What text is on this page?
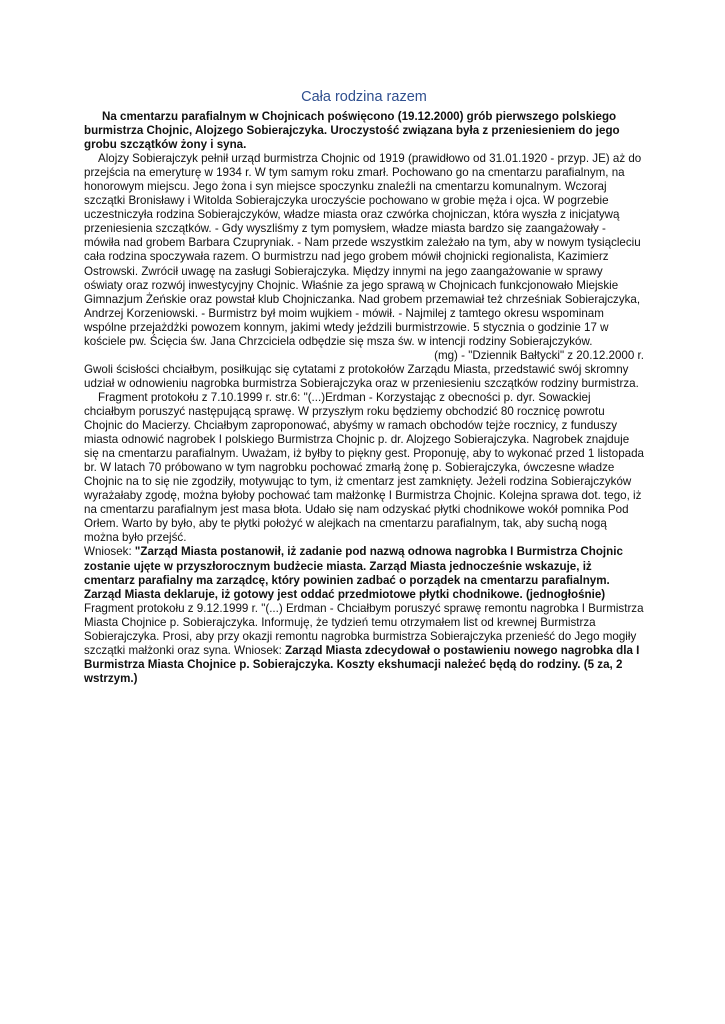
Cała rodzina razem

Na cmentarzu parafialnym w Chojnicach poświęcono (19.12.2000) grób pierwszego polskiego burmistrza Chojnic, Alojzego Sobierajczyka. Uroczystość związana była z przeniesieniem do jego grobu szczątków żony i syna.

Alojzy Sobierajczyk pełnił urząd burmistrza Chojnic od 1919 (prawidłowo od 31.01.1920 - przyp. JE) aż do przejścia na emeryturę w 1934 r. W tym samym roku zmarł. Pochowano go na cmentarzu parafialnym, na honorowym miejscu. Jego żona i syn miejsce spoczynku znaleźli na cmentarzu komunalnym. Wczoraj szczątki Bronisławy i Witolda Sobierajczyka uroczyście pochowano w grobie męża i ojca. W pogrzebie uczestniczyła rodzina Sobierajczyków, władze miasta oraz czwórka chojniczan, która wyszła z inicjatywą przeniesienia szczątków. - Gdy wyszliśmy z tym pomysłem, władze miasta bardzo się zaangażowały - mówiła nad grobem Barbara Czupryniak. - Nam przede wszystkim zależało na tym, aby w nowym tysiącleciu cała rodzina spoczywała razem. O burmistrzu nad jego grobem mówił chojnicki regionalista, Kazimierz Ostrowski. Zwrócił uwagę na zasługi Sobierajczyka. Między innymi na jego zaangażowanie w sprawy oświaty oraz rozwój inwestycyjny Chojnic. Właśnie za jego sprawą w Chojnicach funkcjonowało Miejskie Gimnazjum Żeńskie oraz powstał klub Chojniczanka. Nad grobem przemawiał też chrześniak Sobierajczyka, Andrzej Korzeniowski. - Burmistrz był moim wujkiem - mówił. - Najmilej z tamtego okresu wspominam wspólne przejażdżki powozem konnym, jakimi wtedy jeździli burmistrzowie. 5 stycznia o godzinie 17 w kościele pw. Ścięcia św. Jana Chrzciciela odbędzie się msza św. w intencji rodziny Sobierajczyków.

(mg) - "Dziennik Bałtycki" z 20.12.2000 r.

Gwoli ścisłości chciałbym, posiłkując się cytatami z protokołów Zarządu Miasta, przedstawić swój skromny udział w odnowieniu nagrobka burmistrza Sobierajczyka oraz w przeniesieniu szczątków rodziny burmistrza.

Fragment protokołu z 7.10.1999 r. str.6: "(...)Erdman - Korzystając z obecności p. dyr. Sowackiej chciałbym poruszyć następującą sprawę. W przyszłym roku będziemy obchodzić 80 rocznicę powrotu Chojnic do Macierzy. Chciałbym zaproponować, abyśmy w ramach obchodów tejże rocznicy, z funduszy miasta odnowić nagrobek I polskiego Burmistrza Chojnic p. dr. Alojzego Sobierajczyka. Nagrobek znajduje się na cmentarzu parafialnym. Uważam, iż byłby to piękny gest. Proponuję, aby to wykonać przed 1 listopada br. W latach 70 próbowano w tym nagrobku pochować zmarłą żonę p. Sobierajczyka, ówczesne władze Chojnic na to się nie zgodziły, motywując to tym, iż cmentarz jest zamknięty. Jeżeli rodzina Sobierajczyków wyrażałaby zgodę, można byłoby pochować tam małżonkę I Burmistrza Chojnic. Kolejna sprawa dot. tego, iż na cmentarzu parafialnym jest masa błota. Udało się nam odzyskać płytki chodnikowe wokół pomnika Pod Orłem. Warto by było, aby te płytki położyć w alejkach na cmentarzu parafialnym, tak, aby suchą nogą można było przejść.

Wniosek: "Zarząd Miasta postanowił, iż zadanie pod nazwą odnowa nagrobka I Burmistrza Chojnic zostanie ujęte w przyszłorocznym budżecie miasta. Zarząd Miasta jednocześnie wskazuje, iż cmentarz parafialny ma zarządcę, który powinien zadbać o porządek na cmentarzu parafialnym. Zarząd Miasta deklaruje, iż gotowy jest oddać przedmiotowe płytki chodnikowe. (jednogłośnie)

Fragment protokołu z 9.12.1999 r. "(...) Erdman - Chciałbym poruszyć sprawę remontu nagrobka I Burmistrza Miasta Chojnice p. Sobierajczyka. Informuję, że tydzień temu otrzymałem list od krewnej Burmistrza Sobierajczyka. Prosi, aby przy okazji remontu nagrobka burmistrza Sobierajczyka przenieść do Jego mogiły szczątki małżonki oraz syna. Wniosek: Zarząd Miasta zdecydował o postawieniu nowego nagrobka dla I Burmistrza Miasta Chojnice p. Sobierajczyka. Koszty ekshumacji należeć będą do rodziny. (5 za, 2 wstrzym.)
